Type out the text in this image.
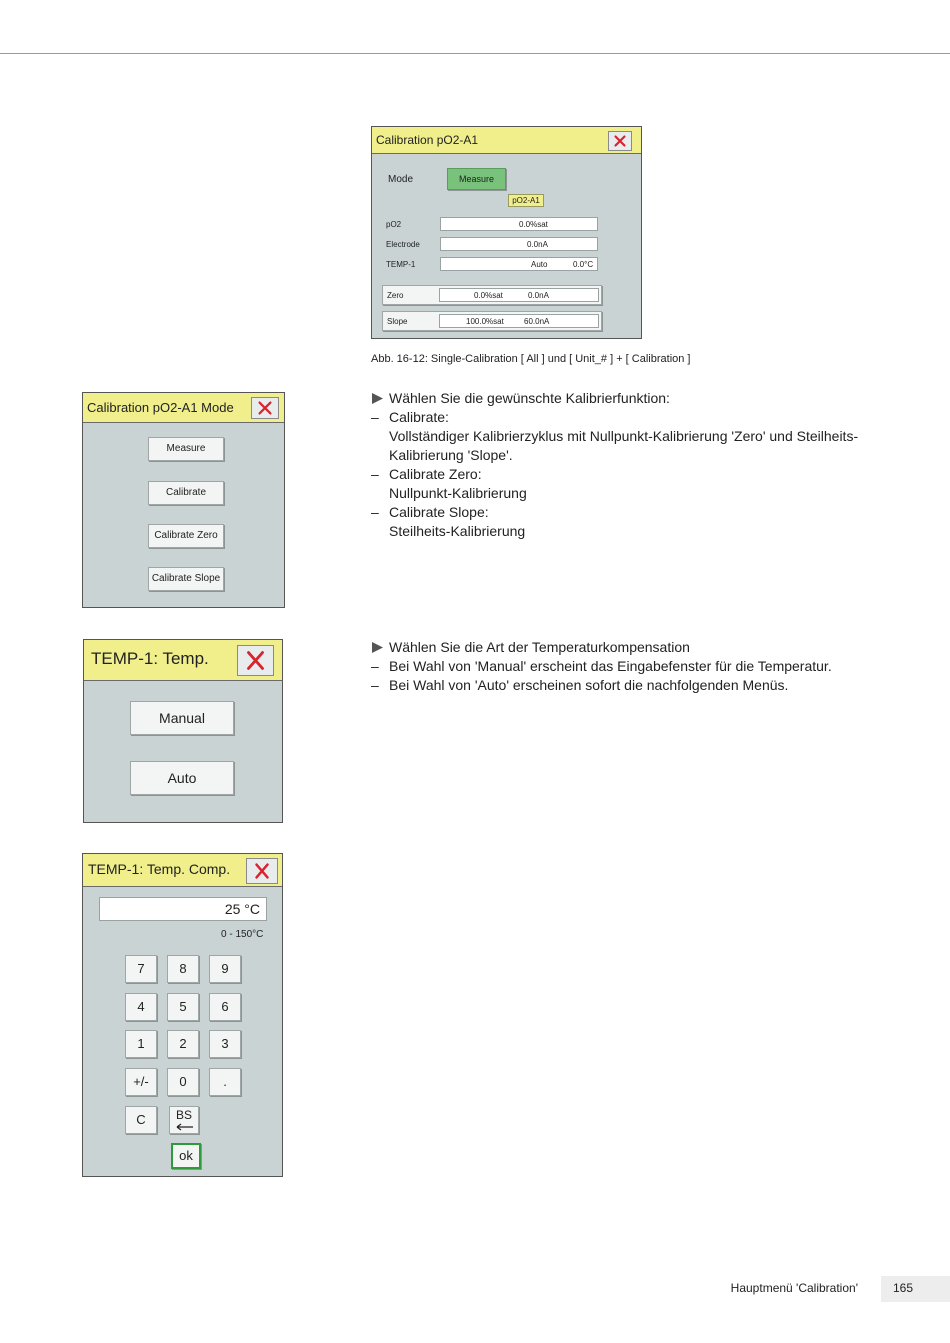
Calibration pO2-A1
Mode	Measure
pO2-A1
pO2	0.0%sat
Electrode	0.0nA
TEMP-1	Auto	0.0°C
Zero	0.0%sat	0.0nA
Slope	100.0%sat	60.0nA
Abb. 16-12: Single-Calibration [ All ] und [ Unit_# ] + [ Calibration ]
Calibration pO2-A1 Mode
Measure
Calibrate
Calibrate Zero
Calibrate Slope
Wählen Sie die gewünschte Kalibrierfunktion:
– Calibrate:
Vollständiger Kalibrierzyklus mit Nullpunkt-Kalibrierung 'Zero' und Steilheits-
Kalibrierung 'Slope'.
– Calibrate Zero:
Nullpunkt-Kalibrierung
– Calibrate Slope:
Steilheits-Kalibrierung
TEMP-1: Temp.
Manual
Auto
Wählen Sie die Art der Temperaturkompensation
– Bei Wahl von 'Manual' erscheint das Eingabefenster für die Temperatur.
– Bei Wahl von 'Auto' erscheinen sofort die nachfolgenden Menüs.
TEMP-1: Temp. Comp.
25 °C
0 - 150°C
7	8	9
4	5	6
1	2	3
+/-	0	.
C	BS
ok
Hauptmenü 'Calibration'	165
